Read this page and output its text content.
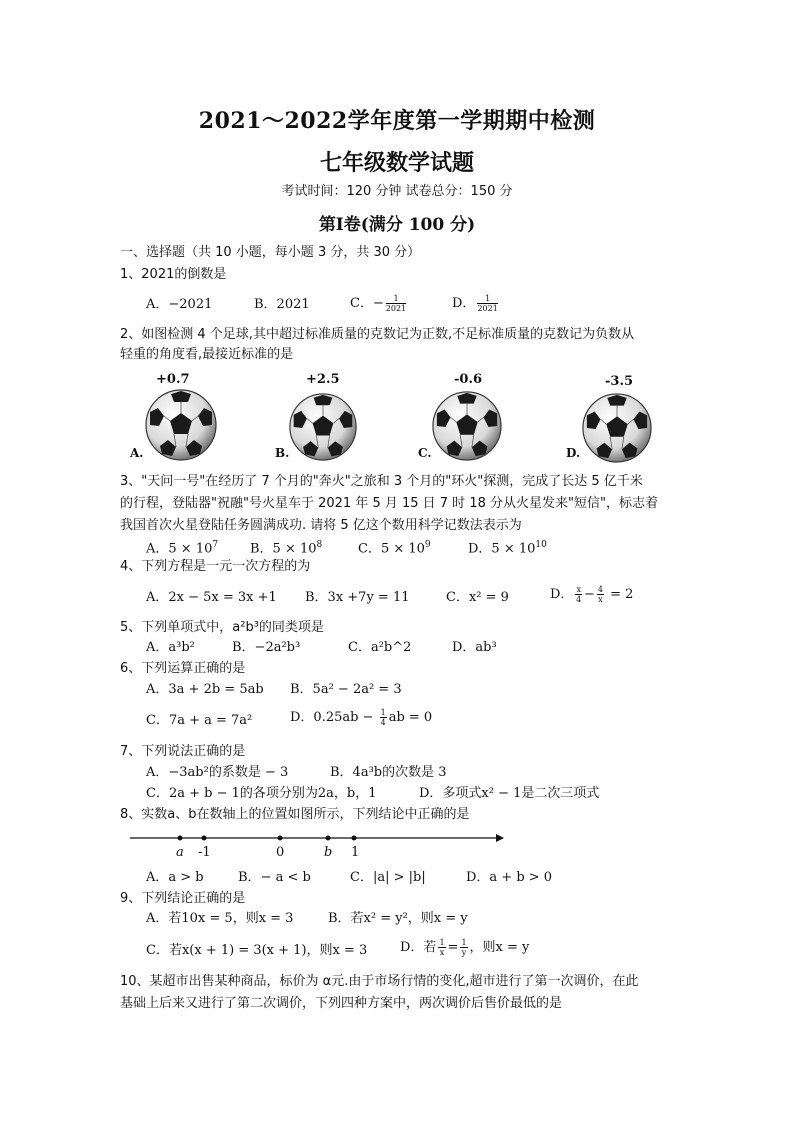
2021～2022学年度第一学期期中检测
七年级数学试题
考试时间：120 分钟 试卷总分：150 分
第Ⅰ卷(满分 100 分)
一、选择题（共 10 小题，每小题 3 分，共 30 分）
1、2021的倒数是
A．−2021	B．2021	C．− $\frac{1}{2021}$	D． $\frac{1}{2021}$
2、如图检测 4 个足球,其中超过标准质量的克数记为正数,不足标准质量的克数记为负数从
轻重的角度看,最接近标准的是
+0.7	+2.5	-0.6	-3.5
A.	B.	C.	D.
3、"天问一号"在经历了 7 个月的"奔火"之旅和 3 个月的"环火"探测，完成了长达 5 亿千米
的行程，登陆器"祝融"号火星车于 2021 年 5 月 15 日 7 时 18 分从火星发来"短信"，标志着
我国首次火星登陆任务圆满成功. 请将 5 亿这个数用科学记数法表示为
A．$5 \times 10^7$ B．$5 \times 10^8$	C．$5 \times 10^9$	D．$5 \times 10^{10}$
4、下列方程是一元一次方程的为
A．2x − 5x = 3x +1 B．3x +7y = 11	C．x² = 9	D． $\frac{x}{4} - \frac{4}{x} = 2$
5、下列单项式中，a²b³的同类项是
A．a³b²	B．−2a²b³	C．a²b^2	D．ab³
6、下列运算正确的是
A．3a + 2b = 5ab B．5a² − 2a² = 3
C．7a + a = 7a²	D．$0.25ab - \frac{1}{4}$ ab = 0
7、下列说法正确的是
A．−3ab²的系数是 − 3	B．4a³b的次数是 3
C．2a + b − 1的各项分别为2a，b，1	D．多项式x² − 1是二次三项式
8、实数a、b在数轴上的位置如图所示，下列结论中正确的是
a -1	0	b 1
A．a > b	B．− a < b	C．|a| > |b|	D．a + b > 0
9、下列结论正确的是
A．若10x = 5，则x = 3	B．若x² = y²，则x = y
C．若x(x + 1) = 3(x + 1)，则x = 3	D．若 $\frac{1}{x} = \frac{1}{y}$ ，则x = y
10、某超市出售某种商品，标价为 α元.由于市场行情的变化,超市进行了第一次调价，在此
基础上后来又进行了第二次调价，下列四种方案中，两次调价后售价最低的是
